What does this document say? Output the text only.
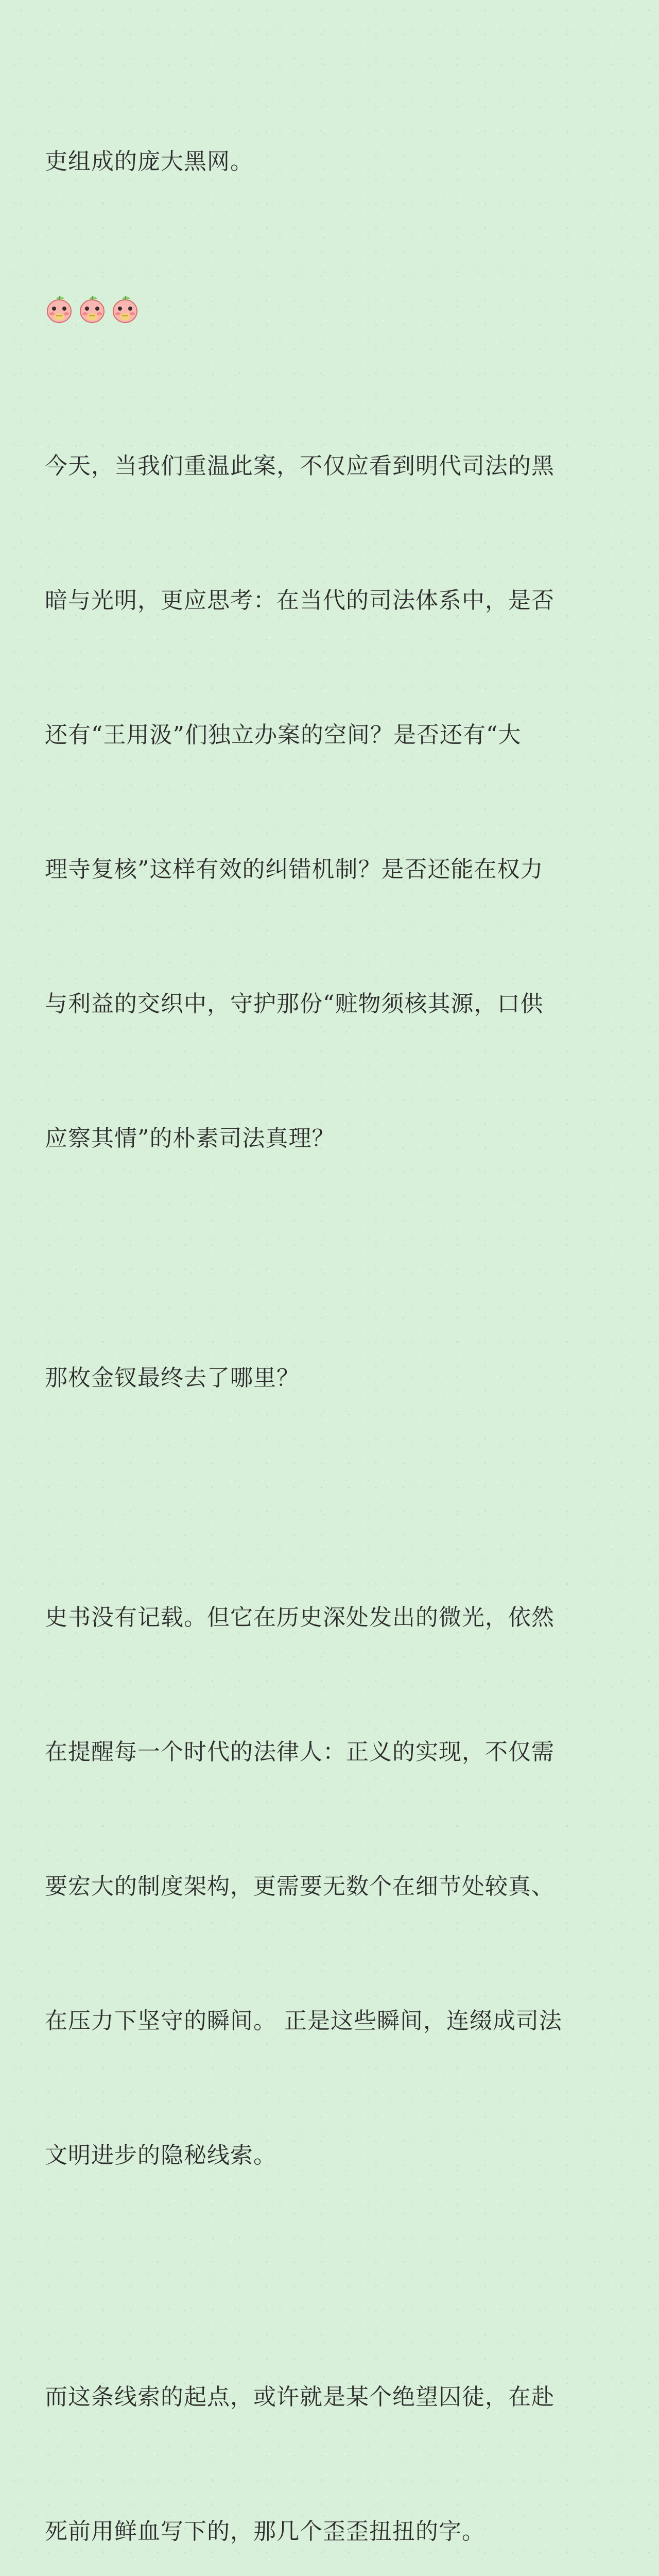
吏组成的庞大黑网。

今天，当我们重温此案，不仅应看到明代司法的黑

暗与光明，更应思考：在当代的司法体系中，是否

还有“王用汲”们独立办案的空间？是否还有“大

理寺复核”这样有效的纠错机制？是否还能在权力

与利益的交织中，守护那份“赃物须核其源，口供

应察其情”的朴素司法真理？

那枚金钗最终去了哪里？

史书没有记载。但它在历史深处发出的微光，依然

在提醒每一个时代的法律人：正义的实现，不仅需

要宏大的制度架构，更需要无数个在细节处较真、

在压力下坚守的瞬间。 正是这些瞬间，连缀成司法

文明进步的隐秘线索。

而这条线索的起点，或许就是某个绝望囚徒，在赴

死前用鲜血写下的，那几个歪歪扭扭的字。
